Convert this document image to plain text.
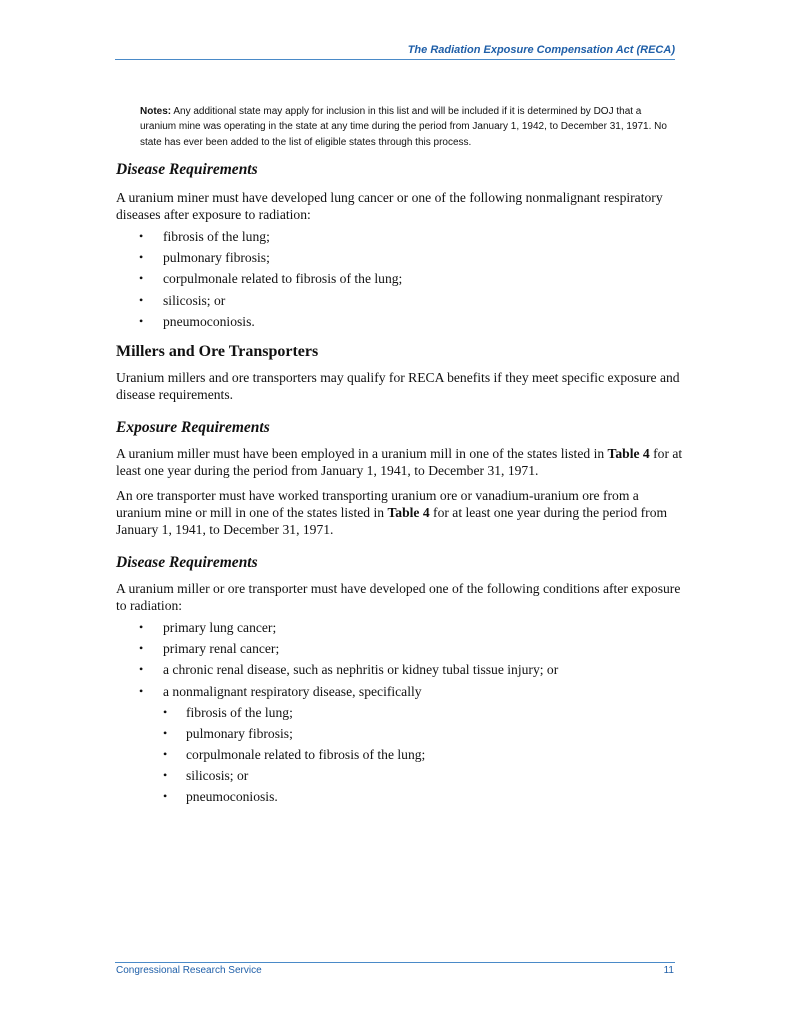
The Radiation Exposure Compensation Act (RECA)
Notes: Any additional state may apply for inclusion in this list and will be included if it is determined by DOJ that a uranium mine was operating in the state at any time during the period from January 1, 1942, to December 31, 1971. No state has ever been added to the list of eligible states through this process.
Disease Requirements

A uranium miner must have developed lung cancer or one of the following nonmalignant respiratory diseases after exposure to radiation:

• fibrosis of the lung;
• pulmonary fibrosis;
• corpulmonale related to fibrosis of the lung;
• silicosis; or
• pneumoconiosis.
Millers and Ore Transporters

Uranium millers and ore transporters may qualify for RECA benefits if they meet specific exposure and disease requirements.

Exposure Requirements

A uranium miller must have been employed in a uranium mill in one of the states listed in Table 4 for at least one year during the period from January 1, 1941, to December 31, 1971.

An ore transporter must have worked transporting uranium ore or vanadium-uranium ore from a uranium mine or mill in one of the states listed in Table 4 for at least one year during the period from January 1, 1941, to December 31, 1971.

Disease Requirements

A uranium miller or ore transporter must have developed one of the following conditions after exposure to radiation:

• primary lung cancer;
• primary renal cancer;
• a chronic renal disease, such as nephritis or kidney tubal tissue injury; or
• a nonmalignant respiratory disease, specifically
• fibrosis of the lung;
• pulmonary fibrosis;
• corpulmonale related to fibrosis of the lung;
• silicosis; or
• pneumoconiosis.
Congressional Research Service	11
